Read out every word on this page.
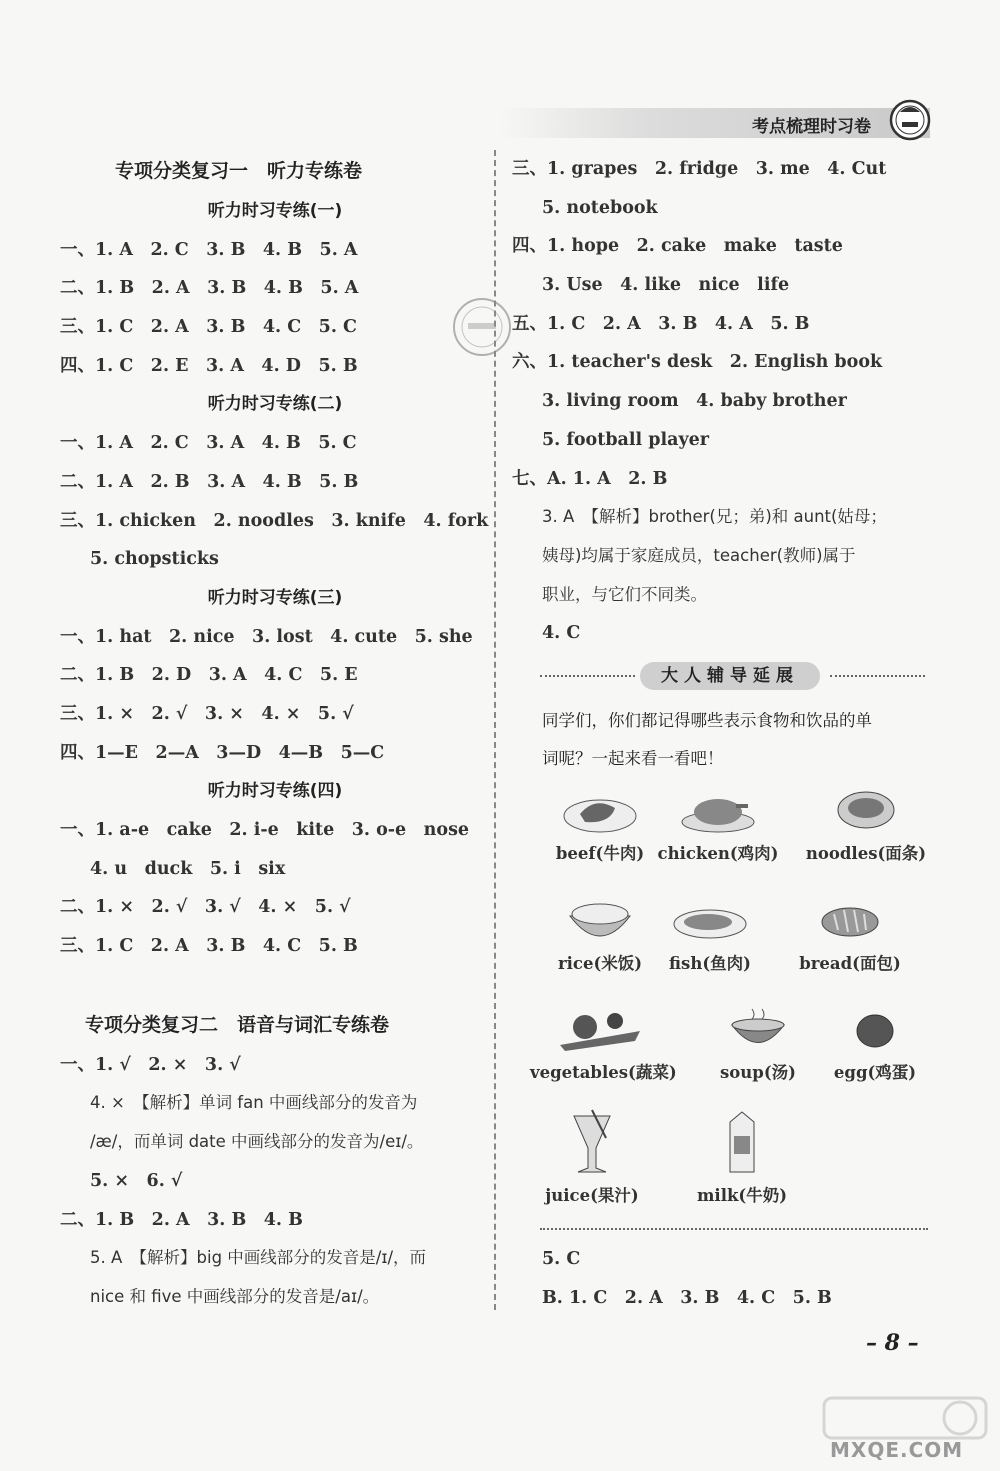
考点梳理时习卷
专项分类复习一　听力专练卷
听力时习专练(一)
一、1. A　2. C　3. B　4. B　5. A
二、1. B　2. A　3. B　4. B　5. A
三、1. C　2. A　3. B　4. C　5. C
四、1. C　2. E　3. A　4. D　5. B
听力时习专练(二)
一、1. A　2. C　3. A　4. B　5. C
二、1. A　2. B　3. A　4. B　5. B
三、1. chicken　2. noodles　3. knife　4. fork
5. chopsticks
听力时习专练(三)
一、1. hat　2. nice　3. lost　4. cute　5. she
二、1. B　2. D　3. A　4. C　5. E
三、1. ×　2. √　3. ×　4. ×　5. √
四、1—E　2—A　3—D　4—B　5—C
听力时习专练(四)
一、1. a-e　cake　2. i-e　kite　3. o-e　nose
4. u　duck　5. i　six
二、1. ×　2. √　3. √　4. ×　5. √
三、1. C　2. A　3. B　4. C　5. B
专项分类复习二　语音与词汇专练卷
一、1. √　2. ×　3. √
4. ×　【解析】单词 fan 中画线部分的发音为
/æ/，而单词 date 中画线部分的发音为/eɪ/。
5. ×　6. √
二、1. B　2. A　3. B　4. B
5. A　【解析】big 中画线部分的发音是/ɪ/，而
nice 和 five 中画线部分的发音是/aɪ/。
三、1. grapes　2. fridge　3. me　4. Cut
5. notebook
四、1. hope　2. cake　make　taste
3. Use　4. like　nice　life
五、1. C　2. A　3. B　4. A　5. B
六、1. teacher's desk　2. English book
3. living room　4. baby brother
5. football player
七、A. 1. A　2. B
3. A　【解析】brother(兄；弟)和 aunt(姑母；
姨母)均属于家庭成员，teacher(教师)属于
职业，与它们不同类。
4. C
大人辅导延展
同学们，你们都记得哪些表示食物和饮品的单
词呢？一起来看一看吧！
beef(牛肉) chicken(鸡肉)	noodles(面条)
rice(米饭)	fish(鱼肉)	bread(面包)
vegetables(蔬菜)	soup(汤)	egg(鸡蛋)
juice(果汁)	milk(牛奶)
5. C
B. 1. C　2. A　3. B　4. C　5. B
– 8 –
MXQE.COM
